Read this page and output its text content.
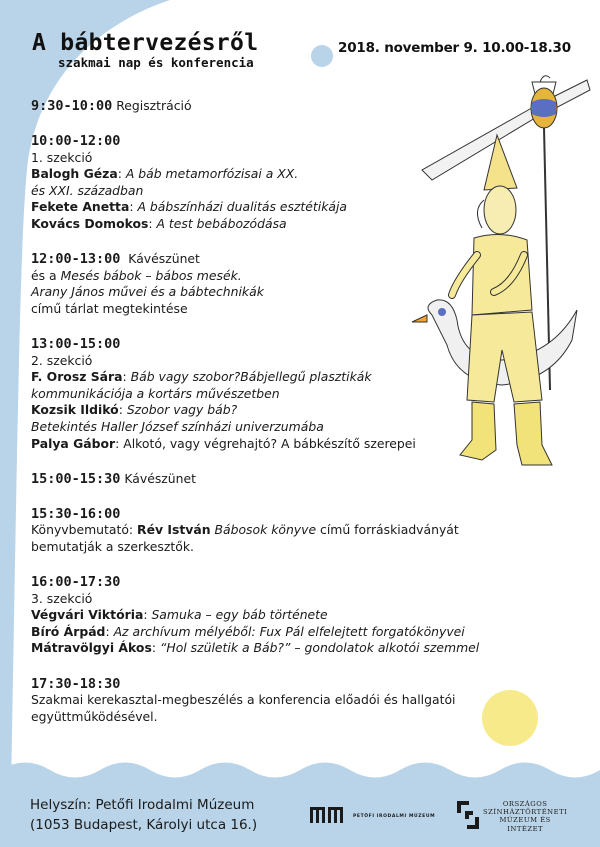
A bábtervezésről
szakmai nap és konferencia
2018. november 9. 10.00-18.30
9:30-10:00 Regisztráció
10:00-12:00
1. szekció
Balogh Géza: A báb metamorfózisai a XX.
és XXI. században
Fekete Anetta: A bábszínházi dualitás esztétikája
Kovács Domokos: A test bebábozódása
12:00-13:00 Kávészünet
és a Mesés bábok – bábos mesék.
Arany János művei és a bábtechnikák
című tárlat megtekintése
13:00-15:00
2. szekció
F. Orosz Sára: Báb vagy szobor?Bábjellegű plasztikák
kommunikációja a kortárs művészetben
Kozsik Ildikó: Szobor vagy báb?
Betekintés Haller József színházi univerzumába
Palya Gábor: Alkotó, vagy végrehajtó? A bábkészítő szerepei
15:00-15:30 Kávészünet
15:30-16:00
Könyvbemutató: Rév István Bábosok könyve című forráskiadványát
bemutatják a szerkesztők.
16:00-17:30
3. szekció
Végvári Viktória: Samuka – egy báb története
Bíró Árpád: Az archívum mélyéből: Fux Pál elfelejtett forgatókönyvei
Mátravölgyi Ákos: “Hol születik a Báb?” – gondolatok alkotói szemmel
17:30-18:30
Szakmai kerekasztal-megbeszélés a konferencia előadói és hallgatói
együttműködésével.
Helyszín: Petőfi Irodalmi Múzeum
(1053 Budapest, Károlyi utca 16.)
PETŐFI IRODALMI MÚZEUM
ORSZÁGOS
SZÍNHÁZTÖRTÉNETI
MÚZEUM ÉS
INTÉZET
